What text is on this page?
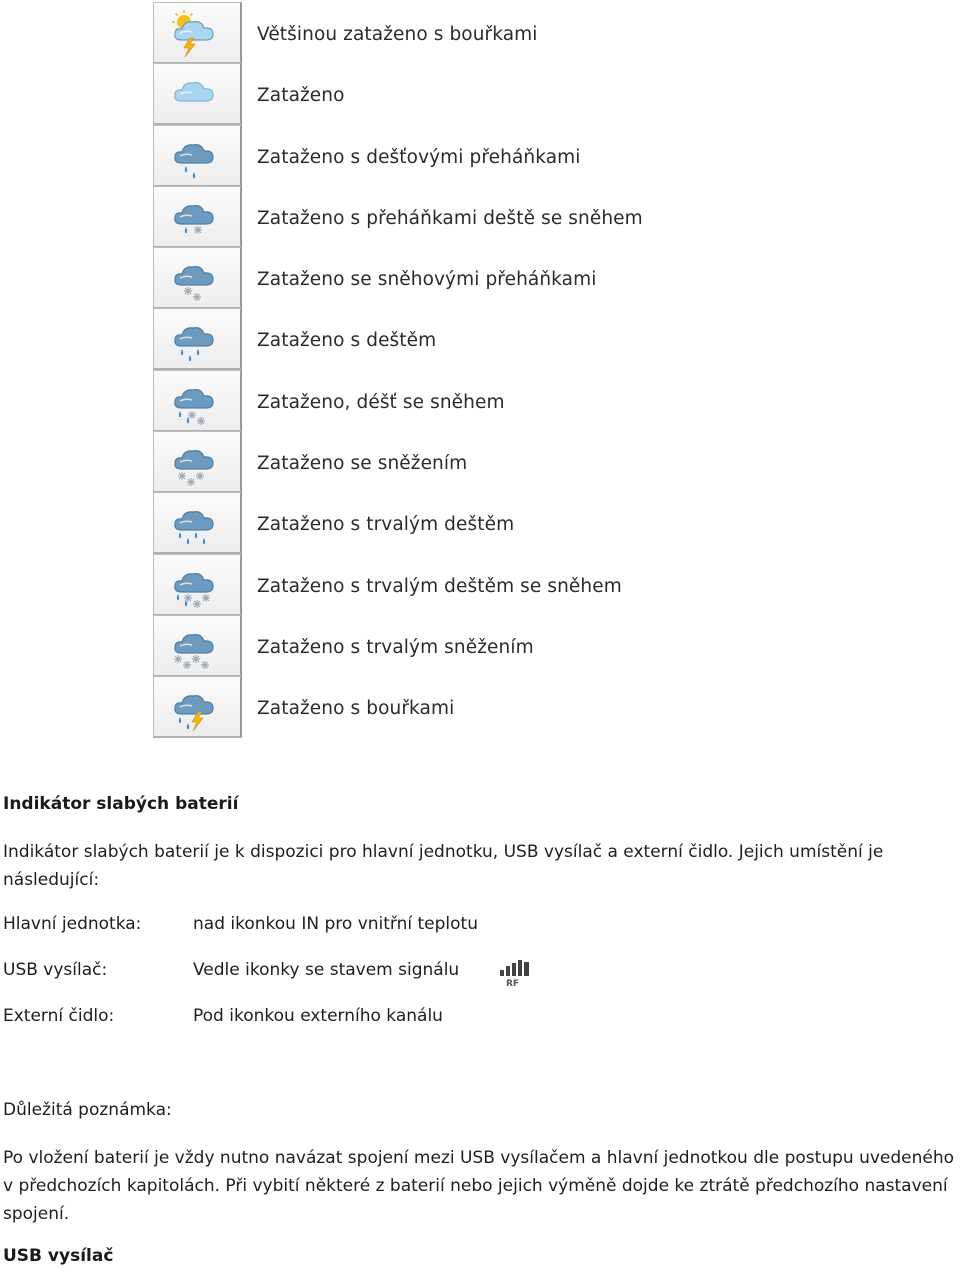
Většinou zataženo s bouřkami
Zataženo
Zataženo s dešťovými přeháňkami
Zataženo s přeháňkami deště se sněhem
Zataženo se sněhovými přeháňkami
Zataženo s deštěm
Zataženo, déšť se sněhem
Zataženo se sněžením
Zataženo s trvalým deštěm
Zataženo s trvalým deštěm se sněhem
Zataženo s trvalým sněžením
Zataženo s bouřkami
Indikátor slabých baterií
Indikátor slabých baterií je k dispozici pro hlavní jednotku, USB vysílač a externí čidlo. Jejich umístění je následující:
Hlavní jednotka:	nad ikonkou IN pro vnitřní teplotu
USB vysílač:	Vedle ikonky se stavem signálu
Externí čidlo:	Pod ikonkou externího kanálu
RF
Důležitá poznámka:
Po vložení baterií je vždy nutno navázat spojení mezi USB vysílačem a hlavní jednotkou dle postupu uvedeného v předchozích kapitolách. Při vybití některé z baterií nebo jejich výměně dojde ke ztrátě předchozího nastavení spojení.
USB vysílač
